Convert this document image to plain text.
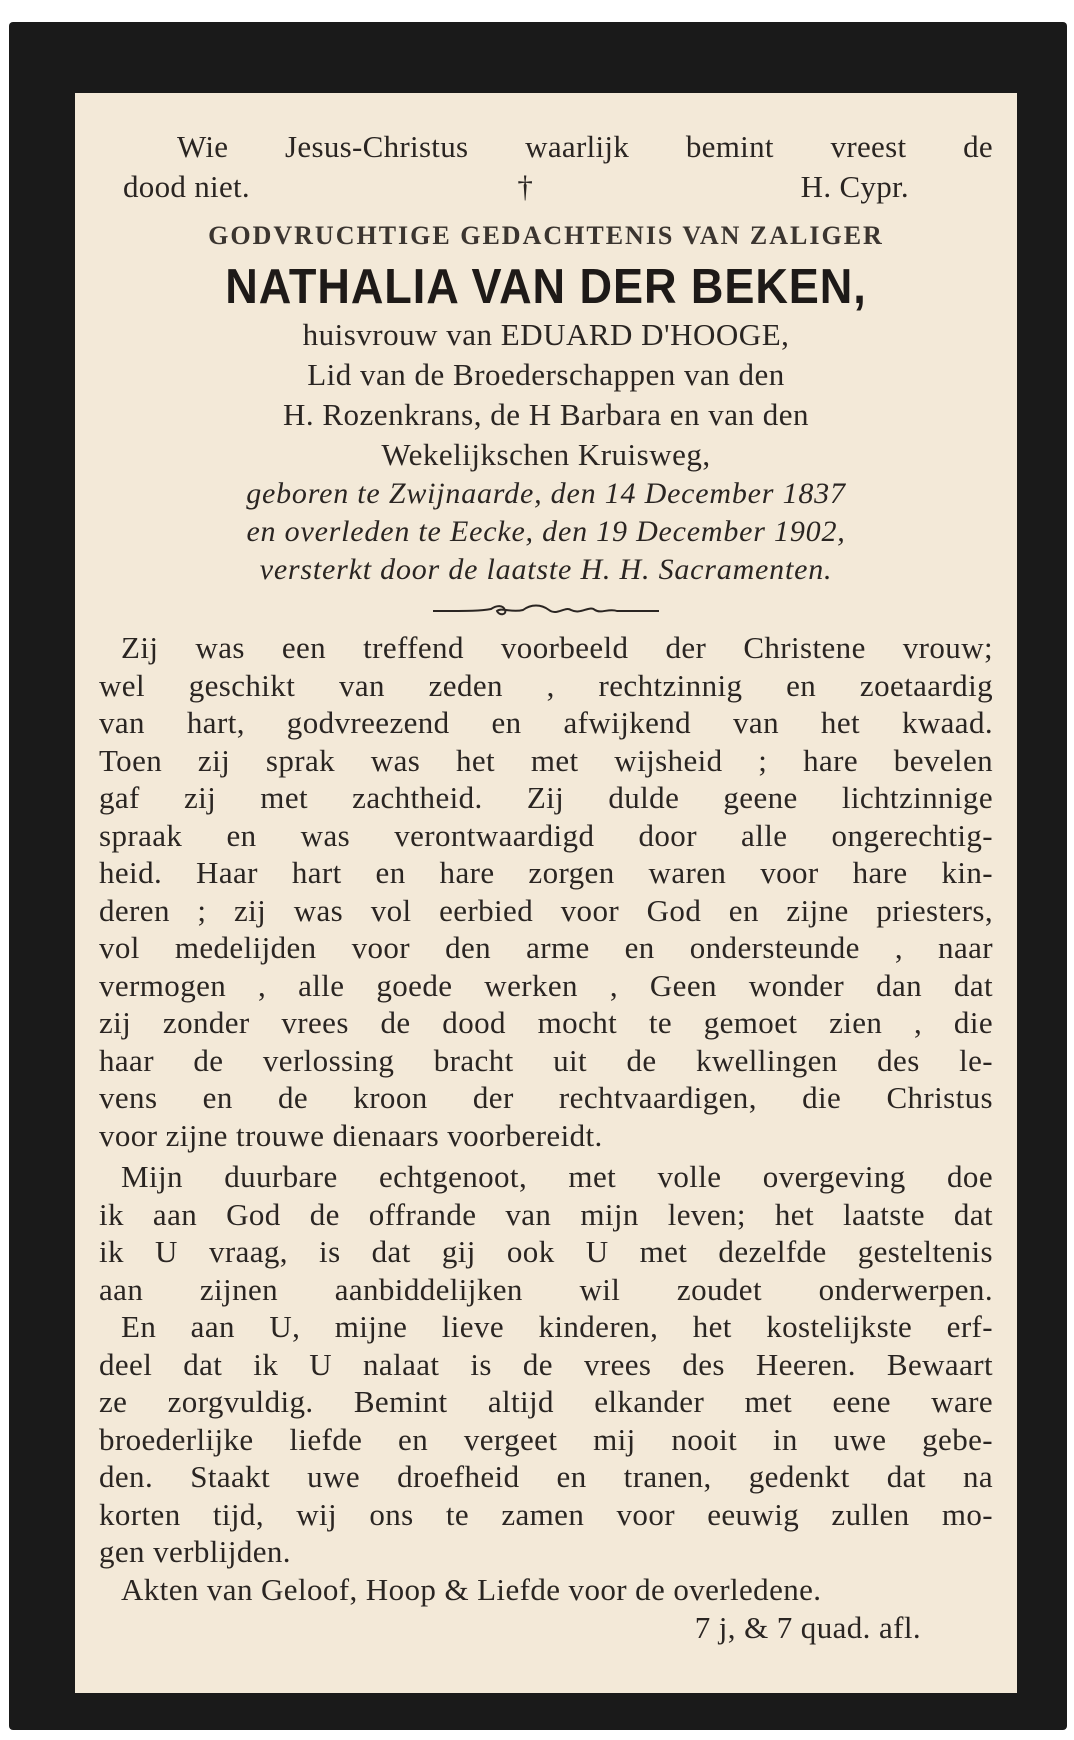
Wie Jesus-Christus waarlijk bemint vreest de
dood niet.	†	H. Cypr.
GODVRUCHTIGE GEDACHTENIS VAN ZALIGER
NATHALIA VAN DER BEKEN,
huisvrouw van EDUARD D'HOOGE,
Lid van de Broederschappen van den
H. Rozenkrans, de H Barbara en van den
Wekelijkschen Kruisweg,
geboren te Zwijnaarde, den 14 December 1837
en overleden te Eecke, den 19 December 1902,
versterkt door de laatste H. H. Sacramenten.
Zij was een treffend voorbeeld der Christene vrouw;
wel geschikt van zeden , rechtzinnig en zoetaardig
van hart, godvreezend en afwijkend van het kwaad.
Toen zij sprak was het met wijsheid ; hare bevelen
gaf zij met zachtheid. Zij dulde geene lichtzinnige
spraak en was verontwaardigd door alle ongerechtig-
heid. Haar hart en hare zorgen waren voor hare kin-
deren ; zij was vol eerbied voor God en zijne priesters,
vol medelijden voor den arme en ondersteunde , naar
vermogen , alle goede werken , Geen wonder dan dat
zij zonder vrees de dood mocht te gemoet zien , die
haar de verlossing bracht uit de kwellingen des le-
vens en de kroon der rechtvaardigen, die Christus
voor zijne trouwe dienaars voorbereidt.
Mijn duurbare echtgenoot, met volle overgeving doe
ik aan God de offrande van mijn leven; het laatste dat
ik U vraag, is dat gij ook U met dezelfde gesteltenis
aan zijnen aanbiddelijken wil zoudet onderwerpen.
En aan U, mijne lieve kinderen, het kostelijkste erf-
deel dat ik U nalaat is de vrees des Heeren. Bewaart
ze zorgvuldig. Bemint altijd elkander met eene ware
broederlijke liefde en vergeet mij nooit in uwe gebe-
den. Staakt uwe droefheid en tranen, gedenkt dat na
korten tijd, wij ons te zamen voor eeuwig zullen mo-
gen verblijden.
Akten van Geloof, Hoop & Liefde voor de overledene.
7 j, & 7 quad. afl.
